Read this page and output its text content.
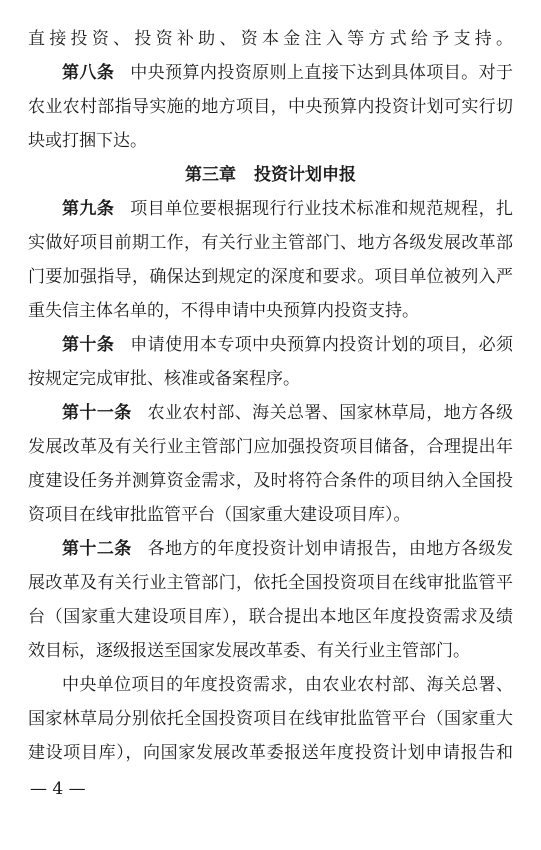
直接投资、投资补助、资本金注入等方式给予支持。
第八条 中央预算内投资原则上直接下达到具体项目。对于
农业农村部指导实施的地方项目，中央预算内投资计划可实行切
块或打捆下达。
第三章 投资计划申报
第九条 项目单位要根据现行行业技术标准和规范规程，扎
实做好项目前期工作，有关行业主管部门、地方各级发展改革部
门要加强指导，确保达到规定的深度和要求。项目单位被列入严
重失信主体名单的，不得申请中央预算内投资支持。
第十条 申请使用本专项中央预算内投资计划的项目，必须
按规定完成审批、核准或备案程序。
第十一条 农业农村部、海关总署、国家林草局，地方各级
发展改革及有关行业主管部门应加强投资项目储备，合理提出年
度建设任务并测算资金需求，及时将符合条件的项目纳入全国投
资项目在线审批监管平台（国家重大建设项目库）。
第十二条 各地方的年度投资计划申请报告，由地方各级发
展改革及有关行业主管部门，依托全国投资项目在线审批监管平
台（国家重大建设项目库），联合提出本地区年度投资需求及绩
效目标，逐级报送至国家发展改革委、有关行业主管部门。
中央单位项目的年度投资需求，由农业农村部、海关总署、
国家林草局分别依托全国投资项目在线审批监管平台（国家重大
建设项目库），向国家发展改革委报送年度投资计划申请报告和
— 4 —
